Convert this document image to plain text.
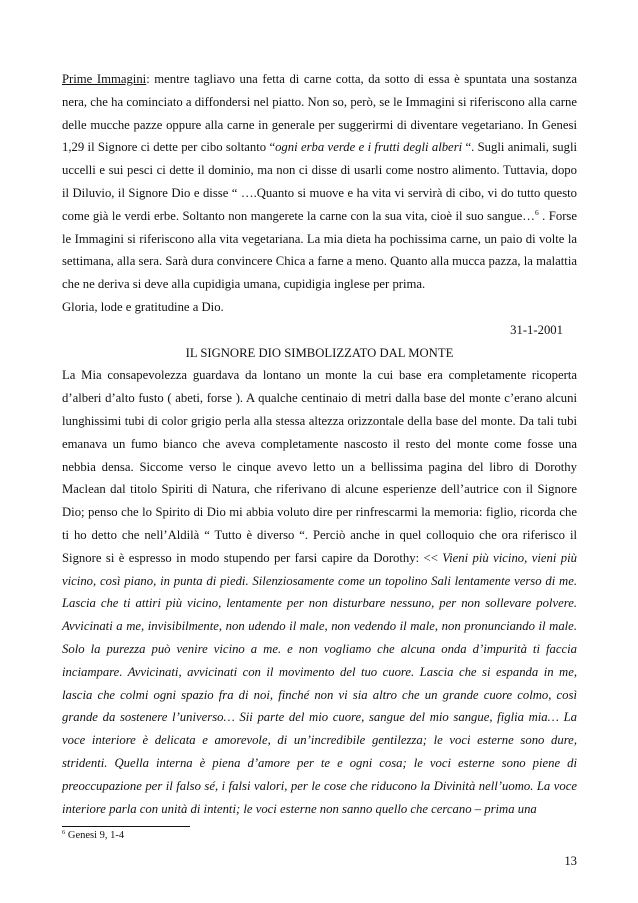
Prime Immagini: mentre tagliavo una fetta di carne cotta, da sotto di essa è spuntata una sostanza nera, che ha cominciato a diffondersi nel piatto. Non so, però, se le Immagini si riferiscono alla carne delle mucche pazze oppure alla carne in generale per suggerirmi di diventare vegetariano. In Genesi 1,29 il Signore ci dette per cibo soltanto “ogni erba verde e i frutti degli alberi “. Sugli animali, sugli uccelli e sui pesci ci dette il dominio, ma non ci disse di usarli come nostro alimento. Tuttavia, dopo il Diluvio, il Signore Dio e disse “ ….Quanto si muove e ha vita vi servirà di cibo, vi do tutto questo come già le verdi erbe. Soltanto non mangerete la carne con la sua vita, cioè il suo sangue…$^6$ . Forse le Immagini si riferiscono alla vita vegetariana. La mia dieta ha pochissima carne, un paio di volte la settimana, alla sera. Sarà dura convincere Chica a farne a meno. Quanto alla mucca pazza, la malattia che ne deriva si deve alla cupidigia umana, cupidigia inglese per prima.

Gloria, lode e gratitudine a Dio.

31-1-2001

IL SIGNORE DIO SIMBOLIZZATO DAL MONTE

La Mia consapevolezza guardava da lontano un monte la cui base era completamente ricoperta d’alberi d’alto fusto ( abeti, forse ). A qualche centinaio di metri dalla base del monte c’erano alcuni lunghissimi tubi di color grigio perla alla stessa altezza orizzontale della base del monte. Da tali tubi emanava un fumo bianco che aveva completamente nascosto il resto del monte come fosse una nebbia densa. Siccome verso le cinque avevo letto un a bellissima pagina del libro di Dorothy Maclean dal titolo Spiriti di Natura, che riferivano di alcune esperienze dell’autrice con il Signore Dio; penso che lo Spirito di Dio mi abbia voluto dire per rinfrescarmi la memoria: figlio, ricorda che ti ho detto che nell’Aldilà “ Tutto è diverso “. Perciò anche in quel colloquio che ora riferisco il Signore si è espresso in modo stupendo per farsi capire da Dorothy: << Vieni più vicino, vieni più vicino, così piano, in punta di piedi. Silenziosamente come un topolino Sali lentamente verso di me. Lascia che ti attiri più vicino, lentamente per non disturbare nessuno, per non sollevare polvere. Avvicinati a me, invisibilmente, non udendo il male, non vedendo il male, non pronunciando il male. Solo la purezza può venire vicino a me. e non vogliamo che alcuna onda d’impurità ti faccia inciampare. Avvicinati, avvicinati con il movimento del tuo cuore. Lascia che si espanda in me, lascia che colmi ogni spazio fra di noi, finché non vi sia altro che un grande cuore colmo, così grande da sostenere l’universo… Sii parte del mio cuore, sangue del mio sangue, figlia mia… La voce interiore è delicata e amorevole, di un’incredibile gentilezza; le voci esterne sono dure, stridenti. Quella interna è piena d’amore per te e ogni cosa; le voci esterne sono piene di preoccupazione per il falso sé, i falsi valori, per le cose che riducono la Divinità nell’uomo. La voce interiore parla con unità di intenti; le voci esterne non sanno quello che cercano – prima una

$^6$ Genesi 9, 1-4
13
